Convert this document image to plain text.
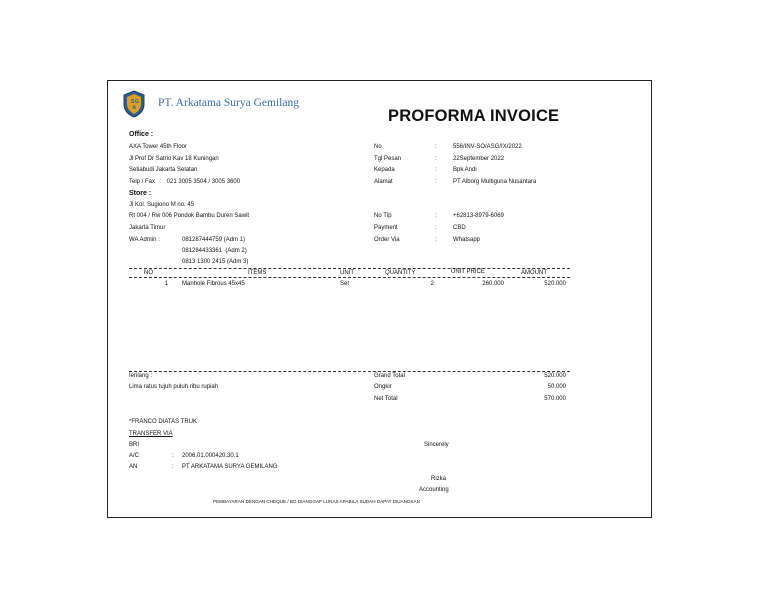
S G
A PT. Arkatama Surya Gemilang
PROFORMA INVOICE
Office :
AXA Tower 45th Floor
Jl Prof Dr Satrio Kav 18 Kuningan
Setiabudi Jakarta Selatan
Telp / Fax   :   021 3005 3504 / 3005 3600
Store :
Jl Kol. Sugiono M no. 45
Rt 004 / Rw 006 Pondok Bambu Duren Sawit
Jakarta Timur
WA Admin :	081287444759 (Adm 1)
081284433361  (Adm 2)
0813 1300 2415 (Adm 3)
No	:	556/INV-SO/ASG/IX/2022
Tgl Pesan	:	22September 2022
Kepada	:	Bpk Andi
Alamat	:	PT Alborg Multiguna Nusantara
No Tlp	:	+62813-8979-6069
Payment	:	CBD
Order Via	:	Whatsapp
NO	ITEMS	UNIT	QUANTITY	UNIT PRICE	AMOUNT
1 Manhole Fibrous 45x45	Set	2	260.000	520.000
Ierilang :
Lima ratus tujuh puluh ribu rupiah
Grand Total	520.000
Ongkir	50.000
Net Total	570.000
*FRANCO DIATAS TRUK
TRANSFER VIA
BRI
A/C	: 2006.01.000420.30.1
AN	: PT ARKATAMA SURYA GEMILANG
Sincerely
Rizka
Accounting
PEMBAYARAN DENGAN CHEQUE / BG DIANGGAP LUNAS APABILA SUDAH DAPAT DIUANGKAN
